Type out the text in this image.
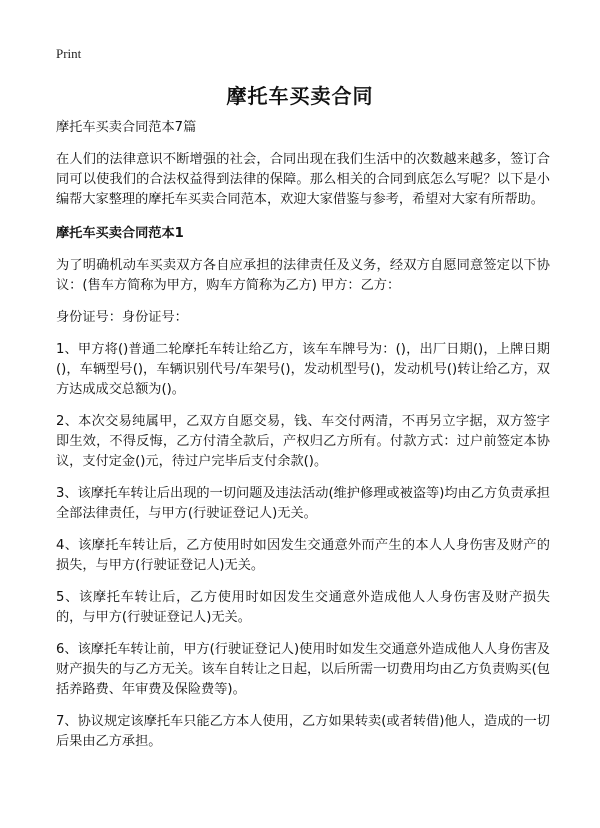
Print
摩托车买卖合同

摩托车买卖合同范本7篇

在人们的法律意识不断增强的社会，合同出现在我们生活中的次数越来越多，签订合同可以使我们的合法权益得到法律的保障。那么相关的合同到底怎么写呢？以下是小编帮大家整理的摩托车买卖合同范本，欢迎大家借鉴与参考，希望对大家有所帮助。

摩托车买卖合同范本1

为了明确机动车买卖双方各自应承担的法律责任及义务，经双方自愿同意签定以下协议：(售车方简称为甲方，购车方简称为乙方) 甲方：乙方：

身份证号：身份证号：

1、甲方将()普通二轮摩托车转让给乙方，该车车牌号为：()，出厂日期()，上牌日期()，车辆型号()，车辆识别代号/车架号()，发动机型号()，发动机号()转让给乙方，双方达成成交总额为()。

2、本次交易纯属甲，乙双方自愿交易，钱、车交付两清，不再另立字据，双方签字即生效，不得反悔，乙方付清全款后，产权归乙方所有。付款方式：过户前签定本协议，支付定金()元，待过户完毕后支付余款()。

3、该摩托车转让后出现的一切问题及违法活动(维护修理或被盗等)均由乙方负责承担全部法律责任，与甲方(行驶证登记人)无关。

4、该摩托车转让后，乙方使用时如因发生交通意外而产生的本人人身伤害及财产的损失，与甲方(行驶证登记人)无关。

5、该摩托车转让后，乙方使用时如因发生交通意外造成他人人身伤害及财产损失的，与甲方(行驶证登记人)无关。

6、该摩托车转让前，甲方(行驶证登记人)使用时如发生交通意外造成他人人身伤害及财产损失的与乙方无关。该车自转让之日起，以后所需一切费用均由乙方负责购买(包括养路费、年审费及保险费等)。

7、协议规定该摩托车只能乙方本人使用，乙方如果转卖(或者转借)他人，造成的一切后果由乙方承担。
